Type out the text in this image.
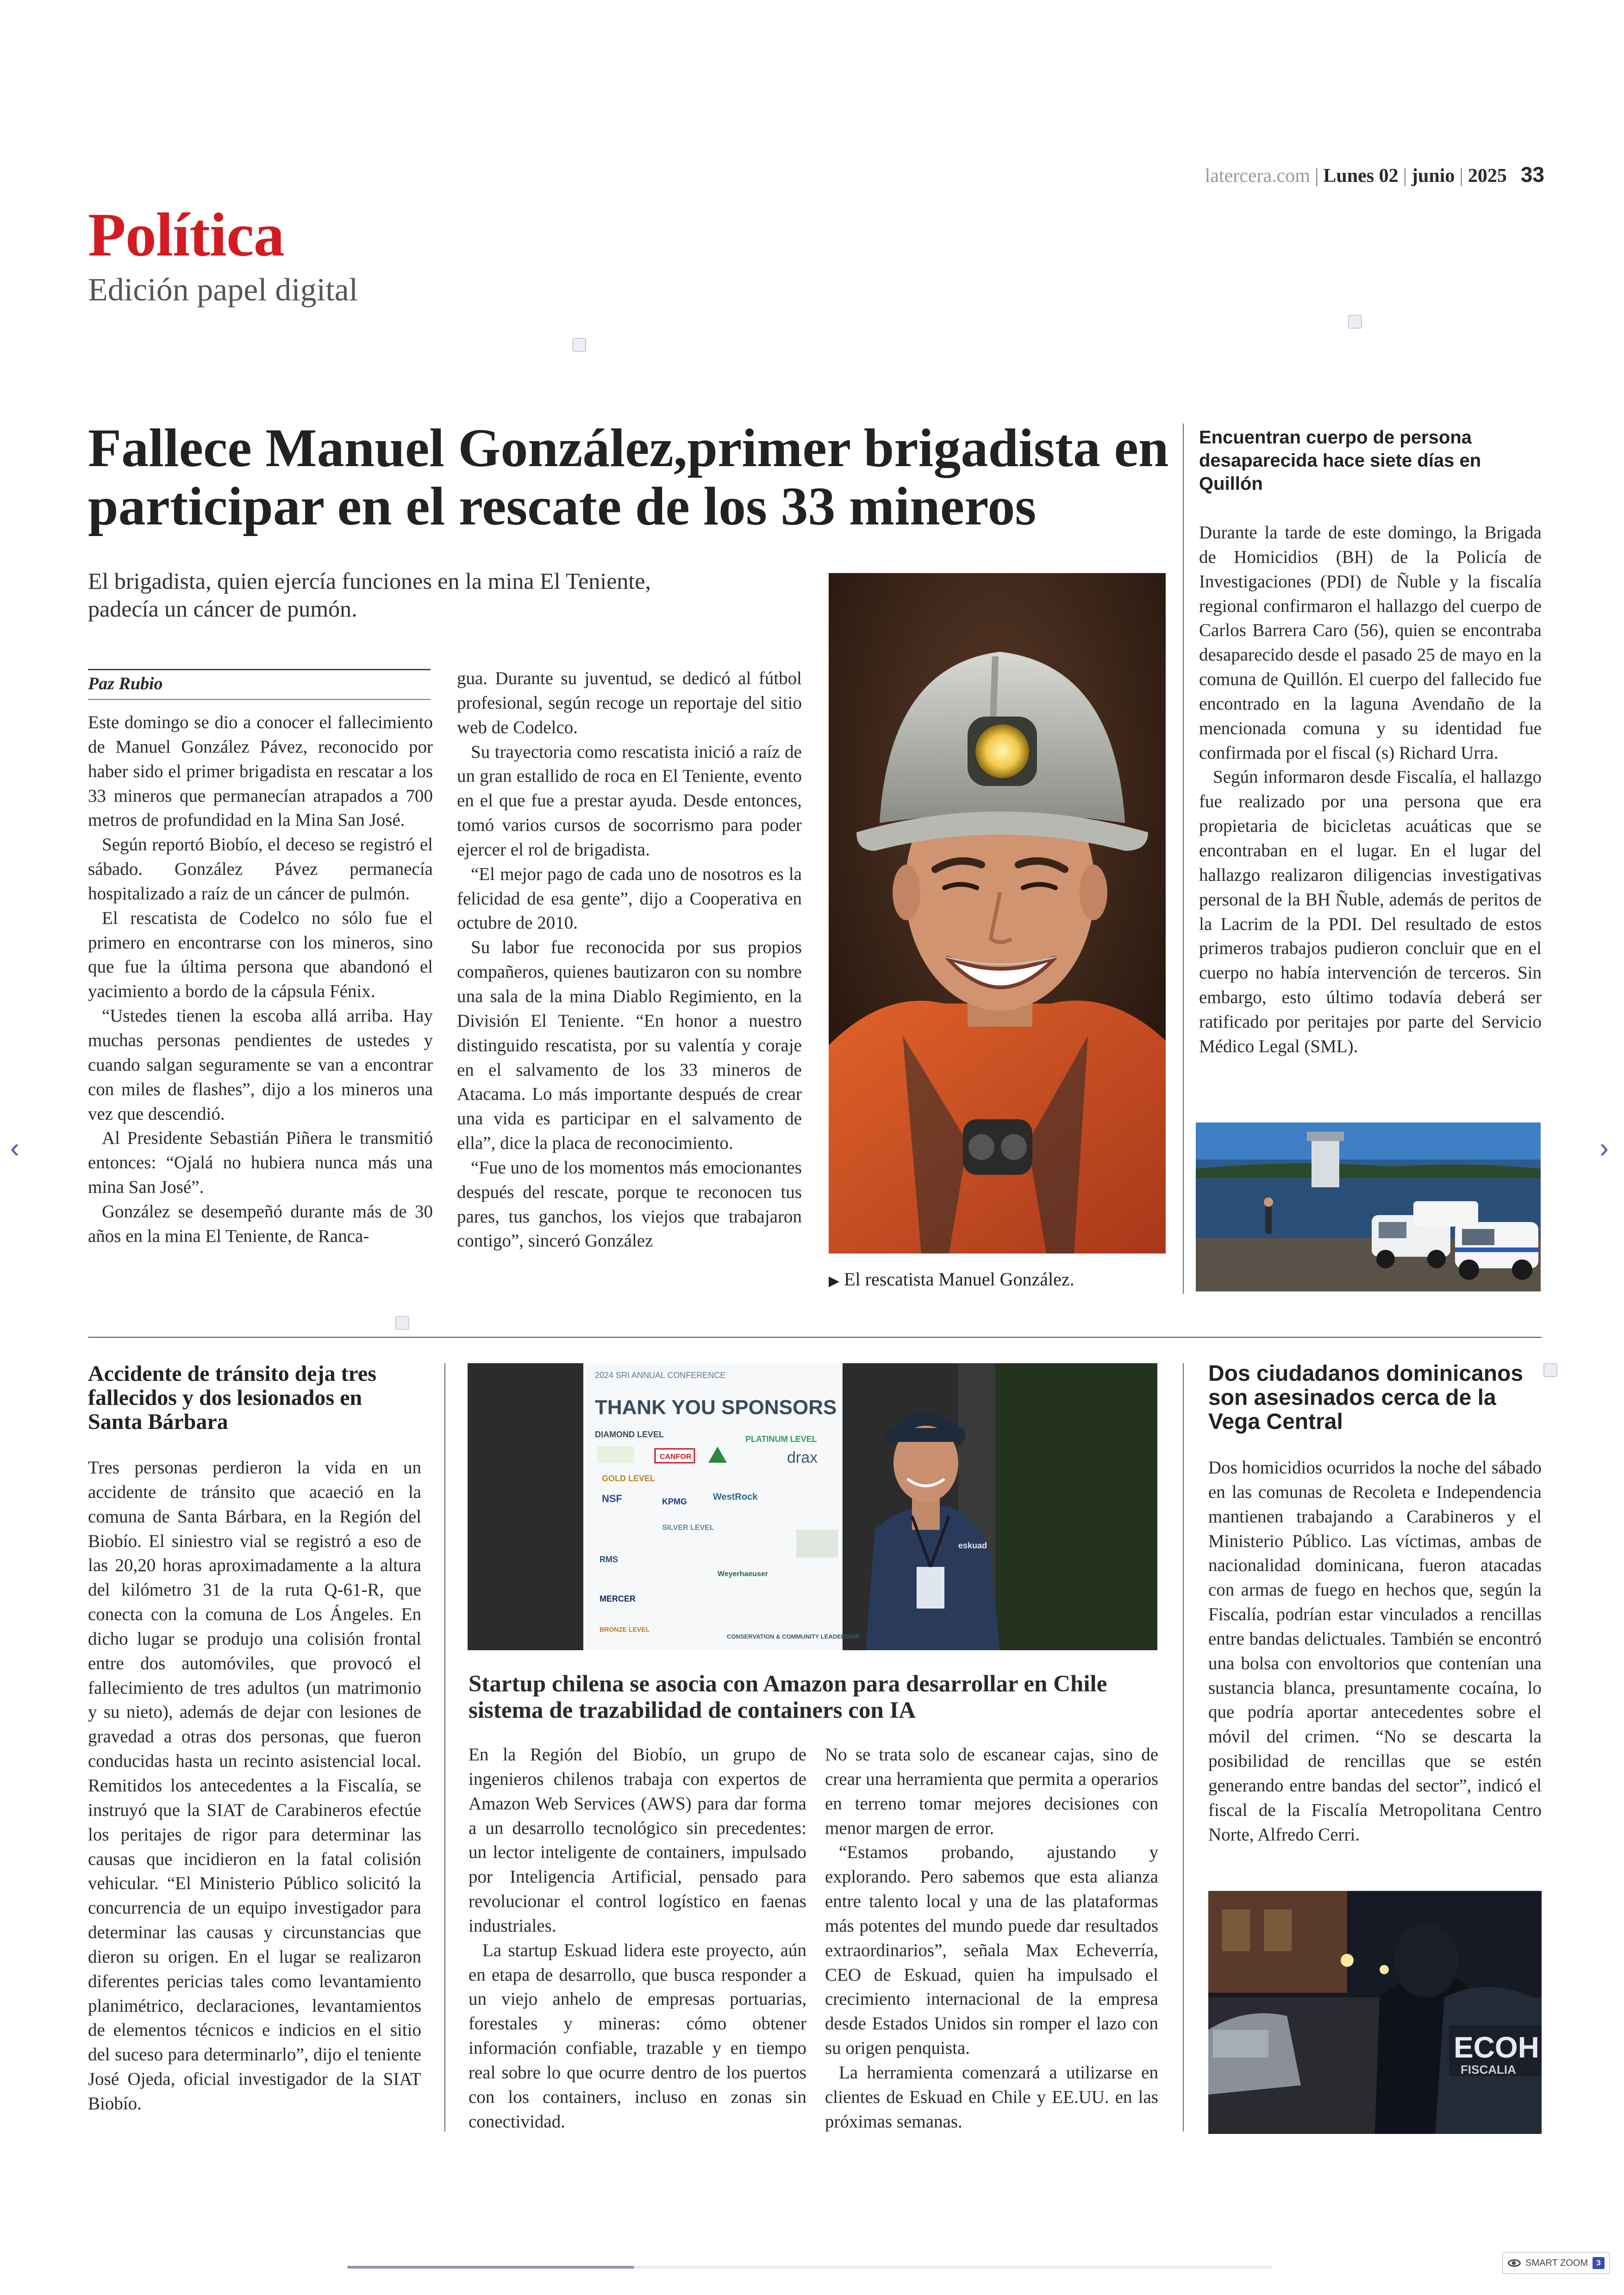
latercera.com | Lunes 02 | junio | 2025 33
Política
Edición papel digital
‹	›
Fallece Manuel González,primer brigadista en participar en el rescate de los 33 mineros
El brigadista, quien ejercía funciones en la mina El Teniente, padecía un cáncer de pumón.
Paz Rubio

Este domingo se dio a conocer el fallecimiento de Manuel González Pávez, reconocido por haber sido el primer brigadista en rescatar a los 33 mineros que permanecían atrapados a 700 metros de profundidad en la Mina San José.

Según reportó Biobío, el deceso se registró el sábado. González Pávez permanecía hospitalizado a raíz de un cáncer de pulmón.

El rescatista de Codelco no sólo fue el primero en encontrarse con los mineros, sino que fue la última persona que abandonó el yacimiento a bordo de la cápsula Fénix.

“Ustedes tienen la escoba allá arriba. Hay muchas personas pendientes de ustedes y cuando salgan seguramente se van a encontrar con miles de flashes”, dijo a los mineros una vez que descendió.

Al Presidente Sebastián Piñera le transmitió entonces: “Ojalá no hubiera nunca más una mina San José”.

González se desempeñó durante más de 30 años en la mina El Teniente, de Ranca-

gua. Durante su juventud, se dedicó al fútbol profesional, según recoge un reportaje del sitio web de Codelco.

Su trayectoria como rescatista inició a raíz de un gran estallido de roca en El Teniente, evento en el que fue a prestar ayuda. Desde entonces, tomó varios cursos de socorrismo para poder ejercer el rol de brigadista.

“El mejor pago de cada uno de nosotros es la felicidad de esa gente”, dijo a Cooperativa en octubre de 2010.

Su labor fue reconocida por sus propios compañeros, quienes bautizaron con su nombre una sala de la mina Diablo Regimiento, en la División El Teniente. “En honor a nuestro distinguido rescatista, por su valentía y coraje en el salvamento de los 33 mineros de Atacama. Lo más importante después de crear una vida es participar en el salvamento de ella”, dice la placa de reconocimiento.

“Fue uno de los momentos más emocionantes después del rescate, porque te reconocen tus pares, tus ganchos, los viejos que trabajaron contigo”, sinceró González

▶ El rescatista Manuel González.
Encuentran cuerpo de persona desaparecida hace siete días en Quillón

Durante la tarde de este domingo, la Brigada de Homicidios (BH) de la Policía de Investigaciones (PDI) de Ñuble y la fiscalía regional confirmaron el hallazgo del cuerpo de Carlos Barrera Caro (56), quien se encontraba desaparecido desde el pasado 25 de mayo en la comuna de Quillón. El cuerpo del fallecido fue encontrado en la laguna Avendaño de la mencionada comuna y su identidad fue confirmada por el fiscal (s) Richard Urra.

Según informaron desde Fiscalía, el hallazgo fue realizado por una persona que era propietaria de bicicletas acuáticas que se encontraban en el lugar. En el lugar del hallazgo realizaron diligencias investigativas personal de la BH Ñuble, además de peritos de la Lacrim de la PDI. Del resultado de estos primeros trabajos pudieron concluir que en el cuerpo no había intervención de terceros. Sin embargo, esto último todavía deberá ser ratificado por peritajes por parte del Servicio Médico Legal (SML).

Accidente de tránsito deja tres fallecidos y dos lesionados en Santa Bárbara

Tres personas perdieron la vida en un accidente de tránsito que acaeció en la comuna de Santa Bárbara, en la Región del Biobío. El siniestro vial se registró a eso de las 20,20 horas aproximadamente a la altura del kilómetro 31 de la ruta Q-61-R, que conecta con la comuna de Los Ángeles. En dicho lugar se produjo una colisión frontal entre dos automóviles, que provocó el fallecimiento de tres adultos (un matrimonio y su nieto), además de dejar con lesiones de gravedad a otras dos personas, que fueron conducidas hasta un recinto asistencial local. Remitidos los antecedentes a la Fiscalía, se instruyó que la SIAT de Carabineros efectúe los peritajes de rigor para determinar las causas que incidieron en la fatal colisión vehicular. “El Ministerio Público solicitó la concurrencia de un equipo investigador para determinar las causas y circunstancias que dieron su origen. En el lugar se realizaron diferentes pericias tales como levantamiento planimétrico, declaraciones, levantamientos de elementos técnicos e indicios en el sitio del suceso para determinarlo”, dijo el teniente José Ojeda, oficial investigador de la SIAT Biobío.

2024 SRI ANNUAL CONFERENCE
THANK YOU SPONSORS
DIAMOND LEVEL	PLATINUM LEVEL
CANFOR	drax
GOLD LEVEL
NSF	KPMG	WestRock
SILVER LEVEL
RMS
Weyerhaeuser
MERCER
BRONZE LEVEL
CONSERVATION & COMMUNITY LEADERSHIP
eskuad
Startup chilena se asocia con Amazon para desarrollar en Chile sistema de trazabilidad de containers con IA

En la Región del Biobío, un grupo de ingenieros chilenos trabaja con expertos de Amazon Web Services (AWS) para dar forma a un desarrollo tecnológico sin precedentes: un lector inteligente de containers, impulsado por Inteligencia Artificial, pensado para revolucionar el control logístico en faenas industriales.

La startup Eskuad lidera este proyecto, aún en etapa de desarrollo, que busca responder a un viejo anhelo de empresas portuarias, forestales y mineras: cómo obtener información confiable, trazable y en tiempo real sobre lo que ocurre dentro de los puertos con los containers, incluso en zonas sin conectividad.

No se trata solo de escanear cajas, sino de crear una herramienta que permita a operarios en terreno tomar mejores decisiones con menor margen de error.

“Estamos probando, ajustando y explorando. Pero sabemos que esta alianza entre talento local y una de las plataformas más potentes del mundo puede dar resultados extraordinarios”, señala Max Echeverría, CEO de Eskuad, quien ha impulsado el crecimiento internacional de la empresa desde Estados Unidos sin romper el lazo con su origen penquista.

La herramienta comenzará a utilizarse en clientes de Eskuad en Chile y EE.UU. en las próximas semanas.

Dos ciudadanos dominicanos son asesinados cerca de la Vega Central

Dos homicidios ocurridos la noche del sábado en las comunas de Recoleta e Independencia mantienen trabajando a Carabineros y el Ministerio Público. Las víctimas, ambas de nacionalidad dominicana, fueron atacadas con armas de fuego en hechos que, según la Fiscalía, podrían estar vinculados a rencillas entre bandas delictuales. También se encontró una bolsa con envoltorios que contenían una sustancia blanca, presuntamente cocaína, lo que podría aportar antecedentes sobre el móvil del crimen. “No se descarta la posibilidad de rencillas que se estén generando entre bandas del sector”, indicó el fiscal de la Fiscalía Metropolitana Centro Norte, Alfredo Cerri.

ECOH
FISCALIA
SMART ZOOM	3
